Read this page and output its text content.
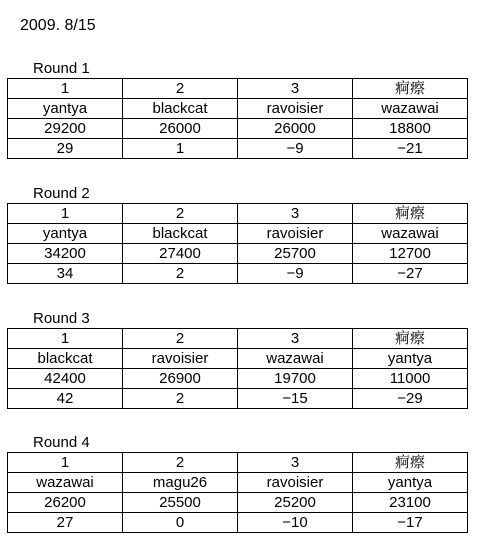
2009. 8/15
Round 1
1	2	3	痾瘵
yantya	blackcat	ravoisier	wazawai
29200	26000	26000	18800
29	1	−9	−21
Round 2
1	2	3	痾瘵
yantya	blackcat	ravoisier	wazawai
34200	27400	25700	12700
34	2	−9	−27
Round 3
1	2	3	痾瘵
blackcat	ravoisier	wazawai	yantya
42400	26900	19700	11000
42	2	−15	−29
Round 4
1	2	3	痾瘵
wazawai	magu26	ravoisier	yantya
26200	25500	25200	23100
27	0	−10	−17
